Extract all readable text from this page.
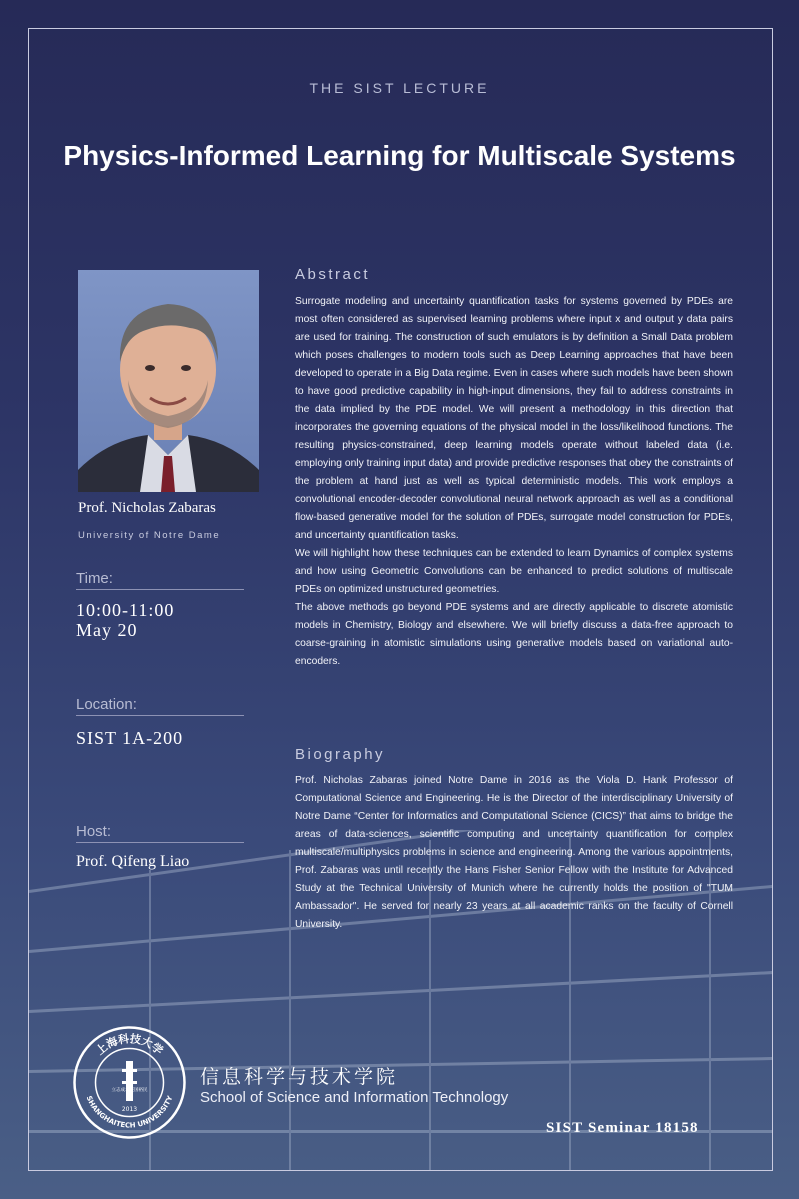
THE SIST LECTURE
Physics-Informed Learning for Multiscale Systems
Prof. Nicholas Zabaras
University of Notre Dame
Time:
10:00-11:00
May 20
Location:
SIST 1A-200
Host:
Prof. Qifeng Liao
Abstract

Surrogate modeling and uncertainty quantification tasks for systems governed by PDEs are most often considered as supervised learning problems where input x and output y data pairs are used for training. The construction of such emulators is by definition a Small Data problem which poses challenges to modern tools such as Deep Learning approaches that have been developed to operate in a Big Data regime. Even in cases where such models have been shown to have good predictive capability in high-input dimensions, they fail to address constraints in the data implied by the PDE model. We will present a methodology in this direction that incorporates the governing equations of the physical model in the loss/likelihood functions. The resulting physics-constrained, deep learning models operate without labeled data (i.e. employing only training input data) and provide predictive responses that obey the constraints of the problem at hand just as well as typical deterministic models. This work employs a convolutional encoder-decoder convolutional neural network approach as well as a conditional flow-based generative model for the solution of PDEs, surrogate model construction for PDEs, and uncertainty quantification tasks.

We will highlight how these techniques can be extended to learn Dynamics of complex systems and how using Geometric Convolutions can be enhanced to predict solutions of multiscale PDEs on optimized unstructured geometries.

The above methods go beyond PDE systems and are directly applicable to discrete atomistic models in Chemistry, Biology and elsewhere. We will briefly discuss a data-free approach to coarse-graining in atomistic simulations using generative models based on variational auto-encoders.

Biography
Prof. Nicholas Zabaras joined Notre Dame in 2016 as the Viola D. Hank Professor of Computational Science and Engineering. He is the Director of the interdisciplinary University of Notre Dame “Center for Informatics and Computational Science (CICS)” that aims to bridge the areas of data-sciences, scientific computing and uncertainty quantification for complex multiscale/multiphysics problems in science and engineering. Among the various appointments, Prof. Zabaras was until recently the Hans Fisher Senior Fellow with the Institute for Advanced Study at the Technical University of Munich where he currently holds the position of "TUM Ambassador". He served for nearly 23 years at all academic ranks on the faculty of Cornell University.
上海科技大学
SHANGHAITECH UNIVERSITY
2013
立志成才报国裕民
信息科学与技术学院
School of Science and Information Technology
SIST Seminar 18158
